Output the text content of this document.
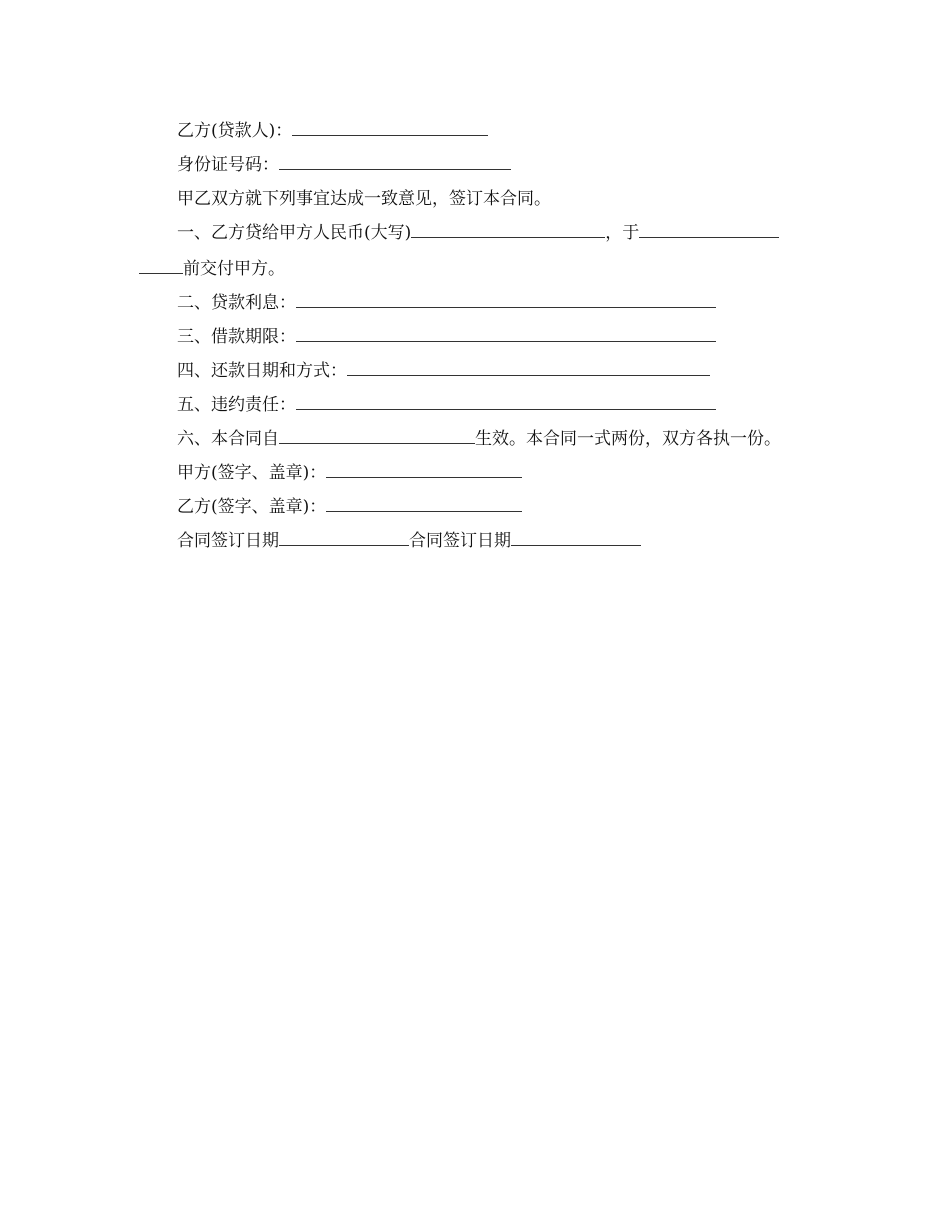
乙方(贷款人)：
身份证号码：
甲乙双方就下列事宜达成一致意见，签订本合同。
一、乙方贷给甲方人民币(大写)	，于
前交付甲方。
二、贷款利息：
三、借款期限：
四、还款日期和方式：
五、违约责任：
六、本合同自	生效。本合同一式两份，双方各执一份。
甲方(签字、盖章)：
乙方(签字、盖章)：
合同签订日期	合同签订日期
